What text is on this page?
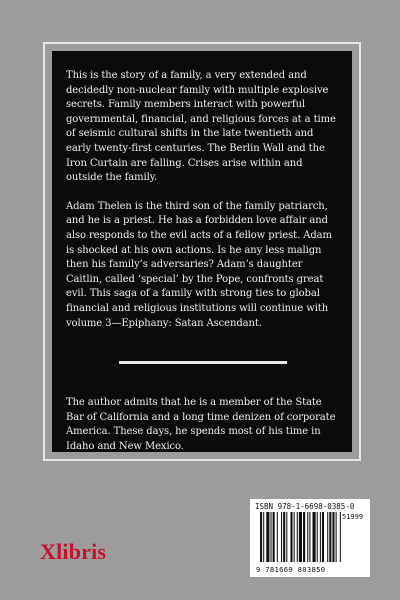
This is the story of a family, a very extended and decidedly non-nuclear family with multiple explosive secrets. Family members interact with powerful governmental, financial, and religious forces at a time of seismic cultural shifts in the late twentieth and early twenty-first centuries. The Berlin Wall and the Iron Curtain are falling. Crises arise within and outside the family.

Adam Thelen is the third son of the family patriarch, and he is a priest. He has a forbidden love affair and also responds to the evil acts of a fellow priest. Adam is shocked at his own actions. Is he any less malign then his family’s adversaries? Adam’s daughter Caitlin, called ‘special’ by the Pope, confronts great evil. This saga of a family with strong ties to global financial and religious institutions will continue with volume 3—Epiphany: Satan Ascendant.

The author admits that he is a member of the State Bar of California and a long time denizen of corporate America. These days, he spends most of his time in Idaho and New Mexico.

Xlibris
ISBN 978-1-6698-0385-0
51999
9 781669 803850
